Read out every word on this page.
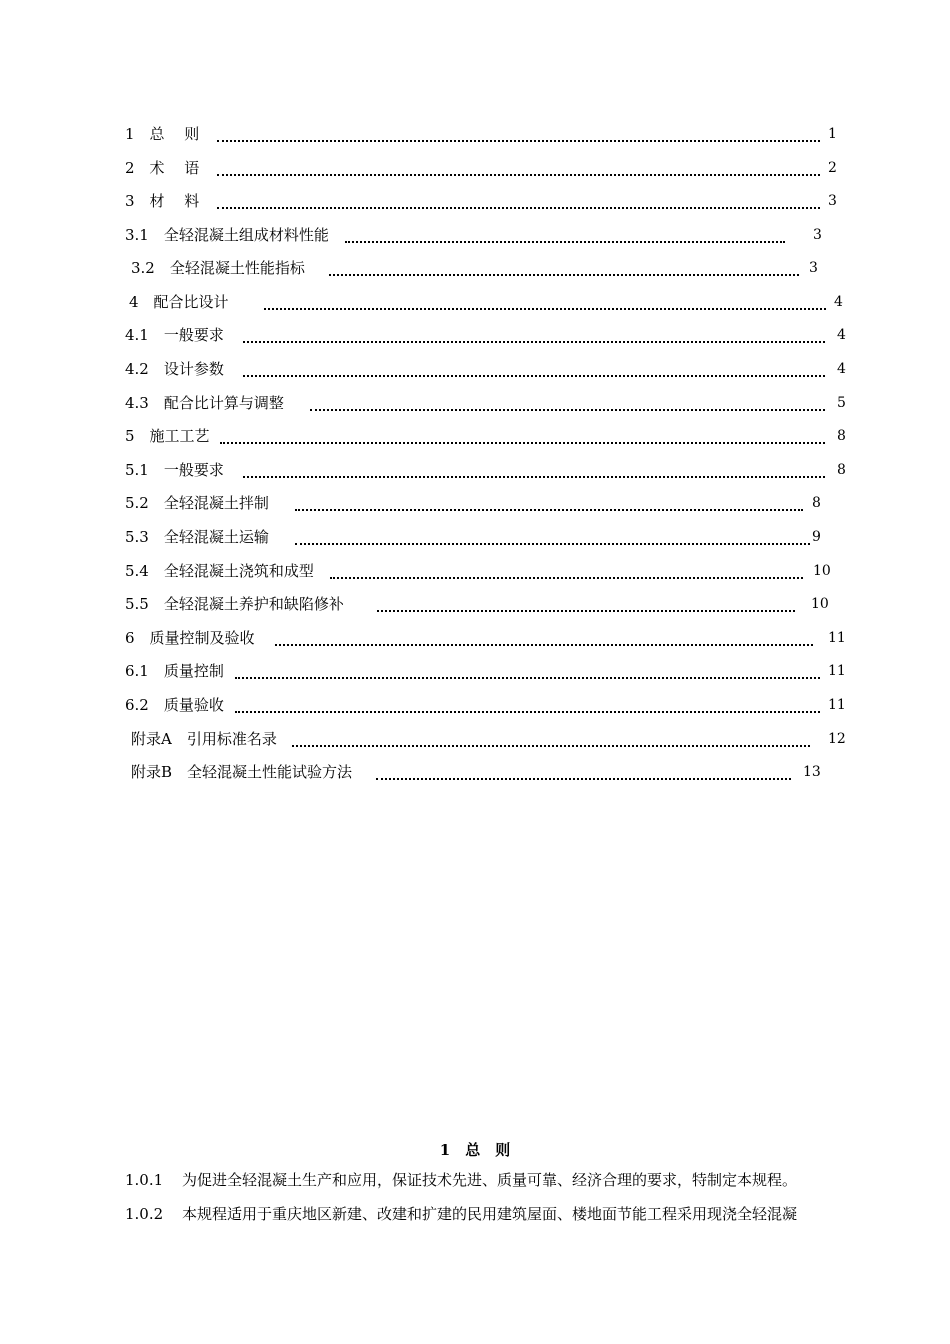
1　总　 则	1
2　术　 语	2
3　材　 料	3
3.1　全轻混凝土组成材料性能	3
3.2　全轻混凝土性能指标	3
4　配合比设计	4
4.1　一般要求	4
4.2　设计参数	4
4.3　配合比计算与调整	5
5　施工工艺	8
5.1　一般要求	8
5.2　全轻混凝土拌制	8
5.3　全轻混凝土运输	9
5.4　全轻混凝土浇筑和成型	10
5.5　全轻混凝土养护和缺陷修补	10
6　质量控制及验收	11
6.1　质量控制	11
6.2　质量验收	11
附录A　引用标准名录	12
附录B　全轻混凝土性能试验方法	13
1　总　则
1.0.1 为促进全轻混凝土生产和应用，保证技术先进、质量可靠、经济合理的要求，特制定本规程。
1.0.2 本规程适用于重庆地区新建、改建和扩建的民用建筑屋面、楼地面节能工程采用现浇全轻混凝
